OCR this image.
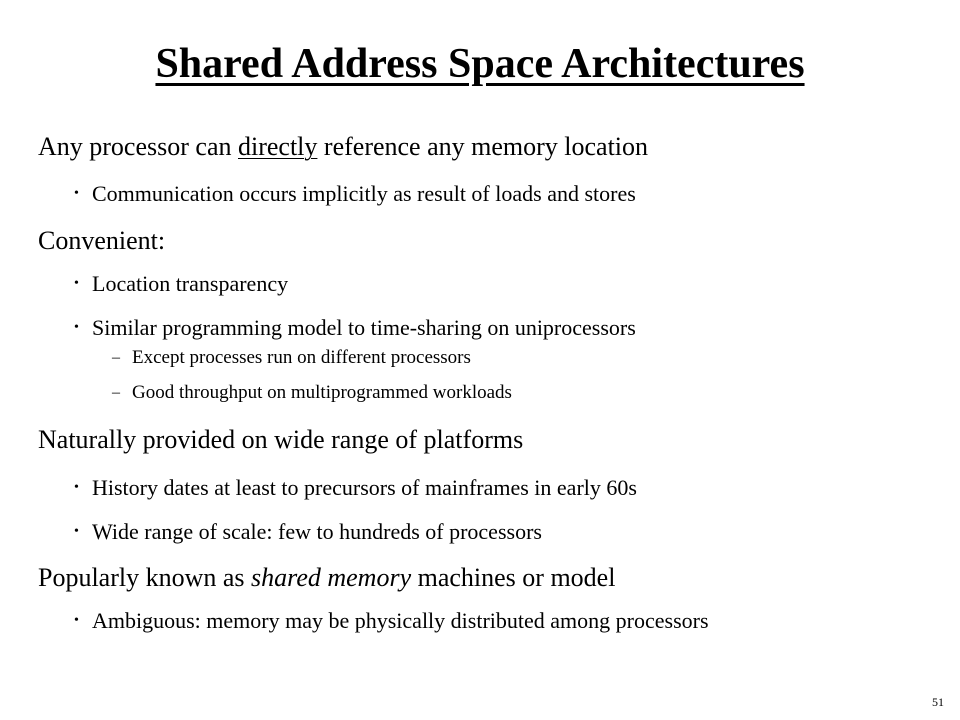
Shared Address Space Architectures
Any processor can directly reference any memory location
• Communication occurs implicitly as result of loads and stores
Convenient:
• Location transparency
• Similar programming model to time-sharing on uniprocessors
– Except processes run on different processors
– Good throughput on multiprogrammed workloads
Naturally provided on wide range of platforms
• History dates at least to precursors of mainframes in early 60s
• Wide range of scale: few to hundreds of processors
Popularly known as shared memory machines or model
• Ambiguous: memory may be physically distributed among processors
51
